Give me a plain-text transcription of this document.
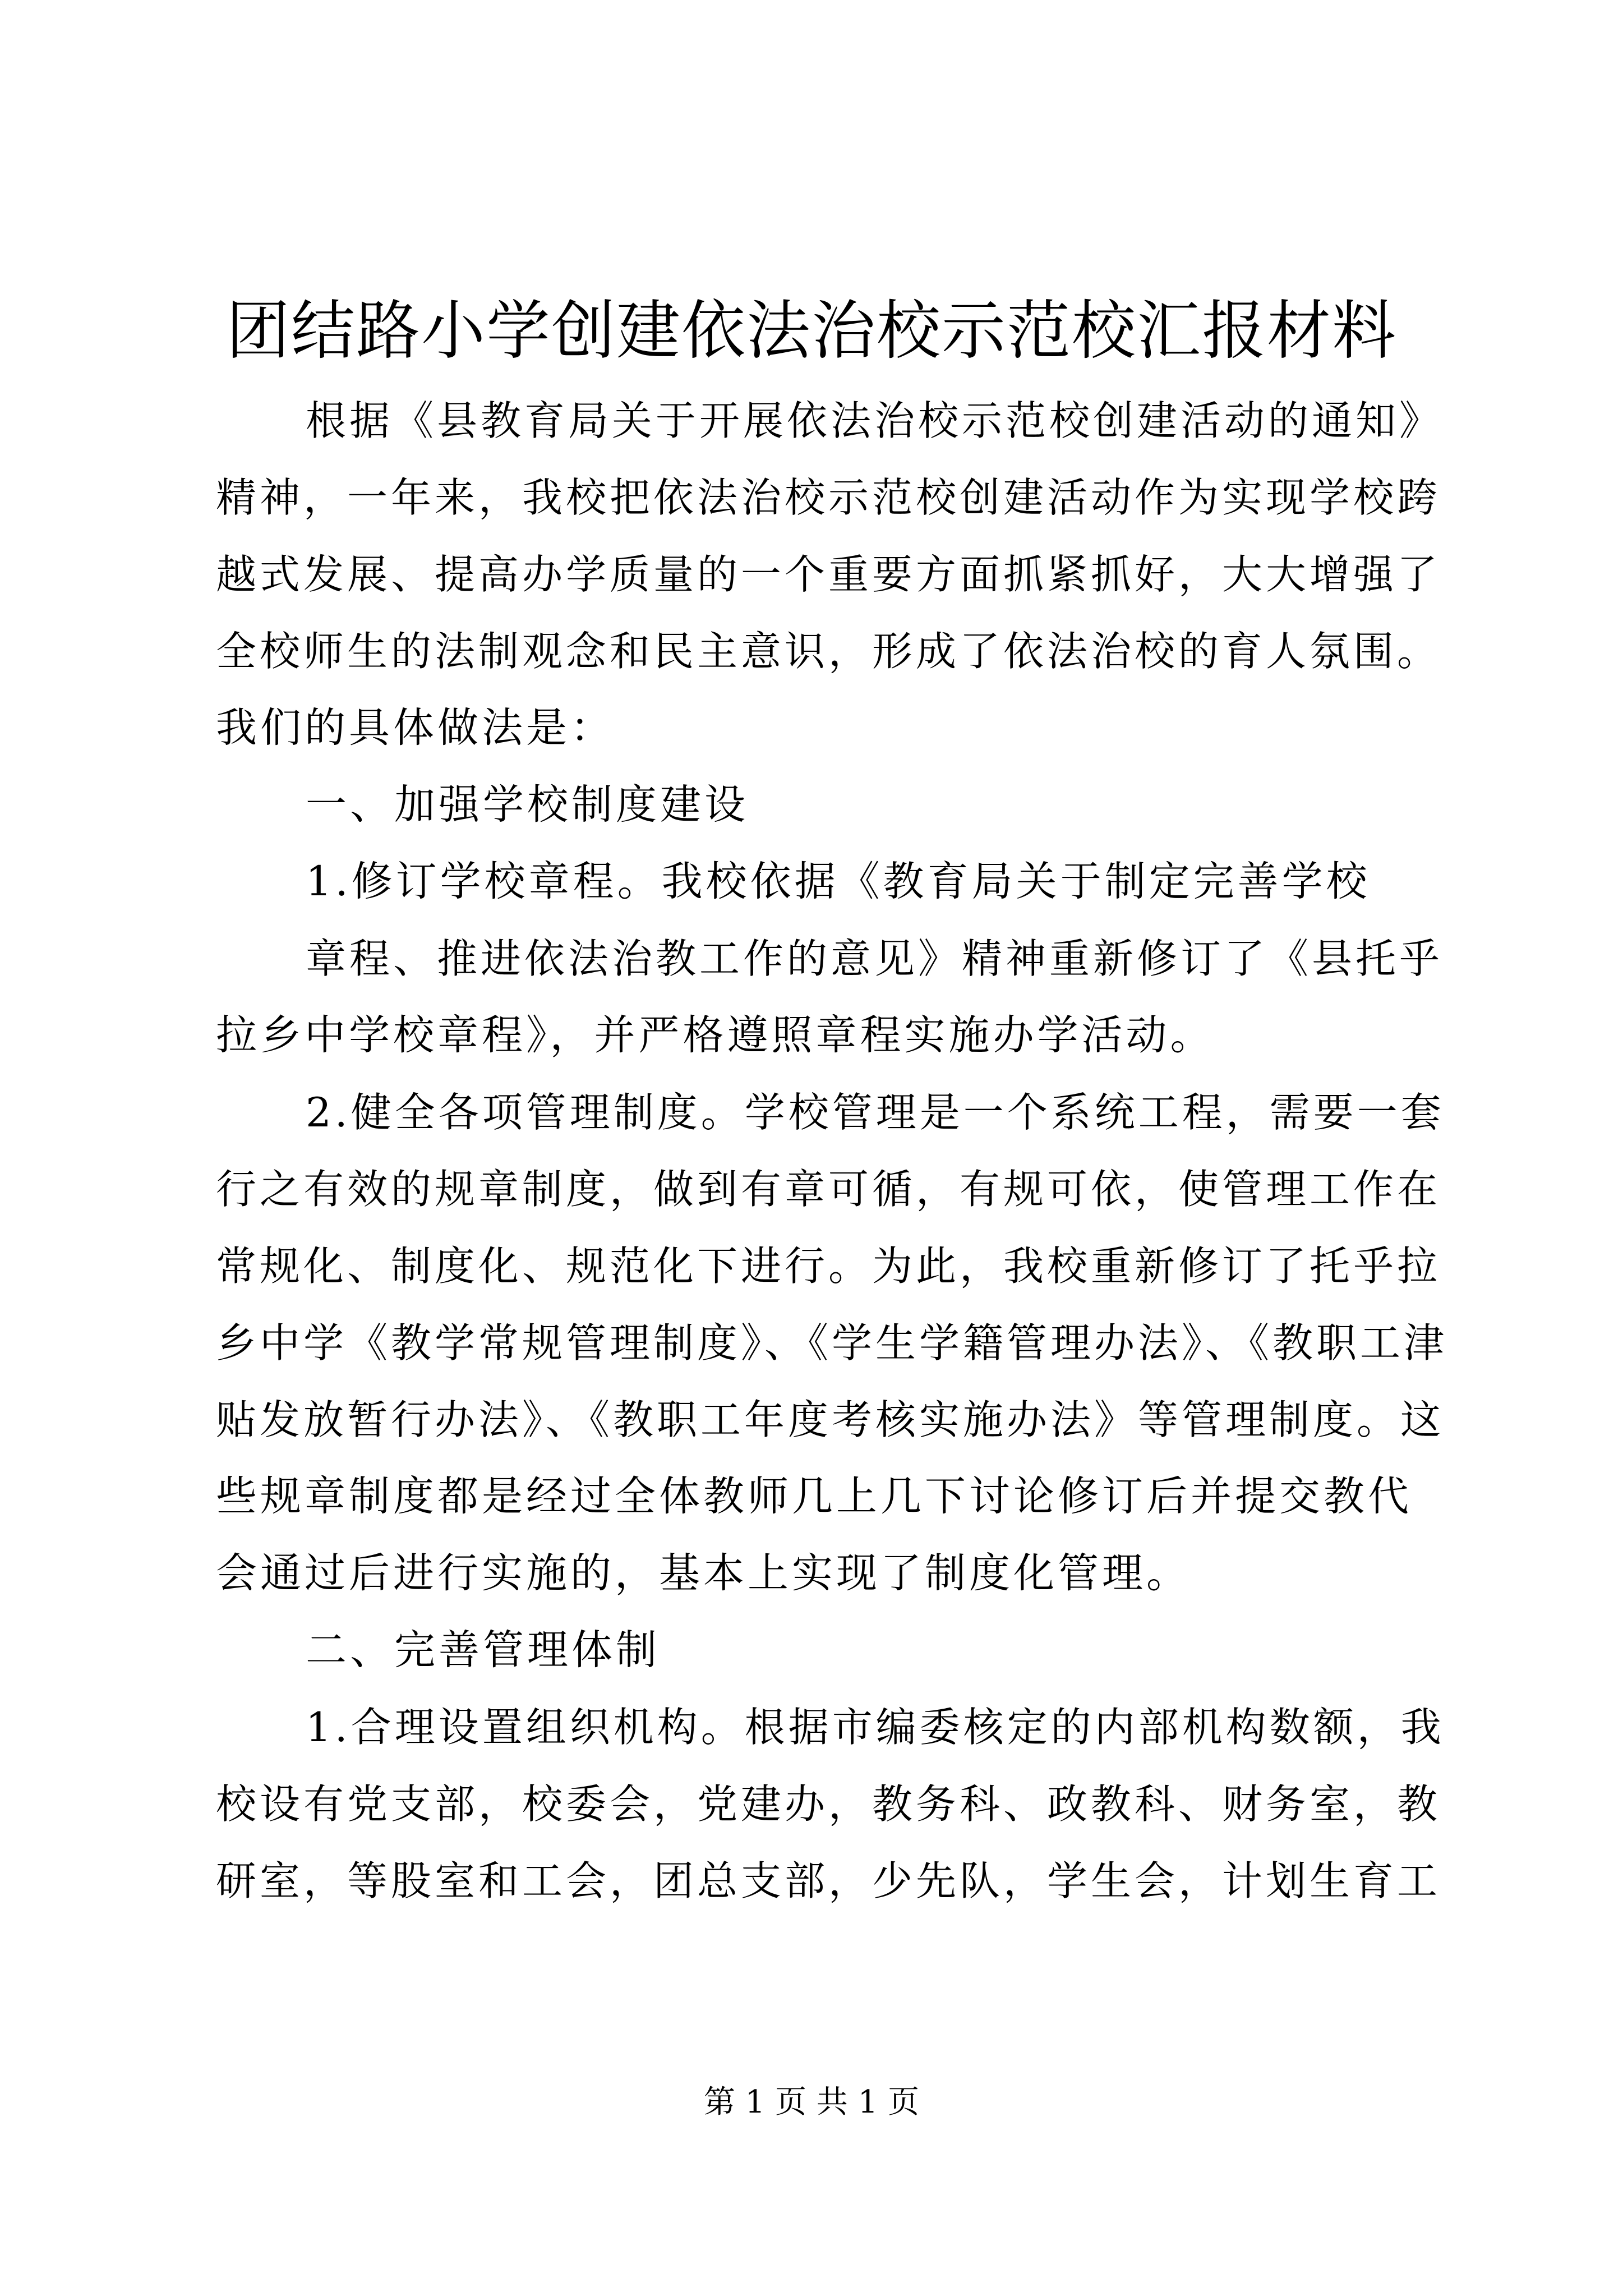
团结路小学创建依法治校示范校汇报材料
根据《县教育局关于开展依法治校示范校创建活动的通知》
精神，一年来，我校把依法治校示范校创建活动作为实现学校跨
越式发展、提高办学质量的一个重要方面抓紧抓好，大大增强了
全校师生的法制观念和民主意识，形成了依法治校的育人氛围。
我们的具体做法是：
一、加强学校制度建设
1.修订学校章程。我校依据《教育局关于制定完善学校
章程、推进依法治教工作的意见》精神重新修订了《县托乎
拉乡中学校章程》，并严格遵照章程实施办学活动。
2.健全各项管理制度。学校管理是一个系统工程，需要一套
行之有效的规章制度，做到有章可循，有规可依，使管理工作在
常规化、制度化、规范化下进行。为此，我校重新修订了托乎拉
乡中学《教学常规管理制度》、《学生学籍管理办法》、《教职工津
贴发放暂行办法》、《教职工年度考核实施办法》等管理制度。这
些规章制度都是经过全体教师几上几下讨论修订后并提交教代
会通过后进行实施的，基本上实现了制度化管理。
二、完善管理体制
1.合理设置组织机构。根据市编委核定的内部机构数额，我
校设有党支部，校委会，党建办，教务科、政教科、财务室，教
研室，等股室和工会，团总支部，少先队，学生会，计划生育工
第 1 页 共 1 页
